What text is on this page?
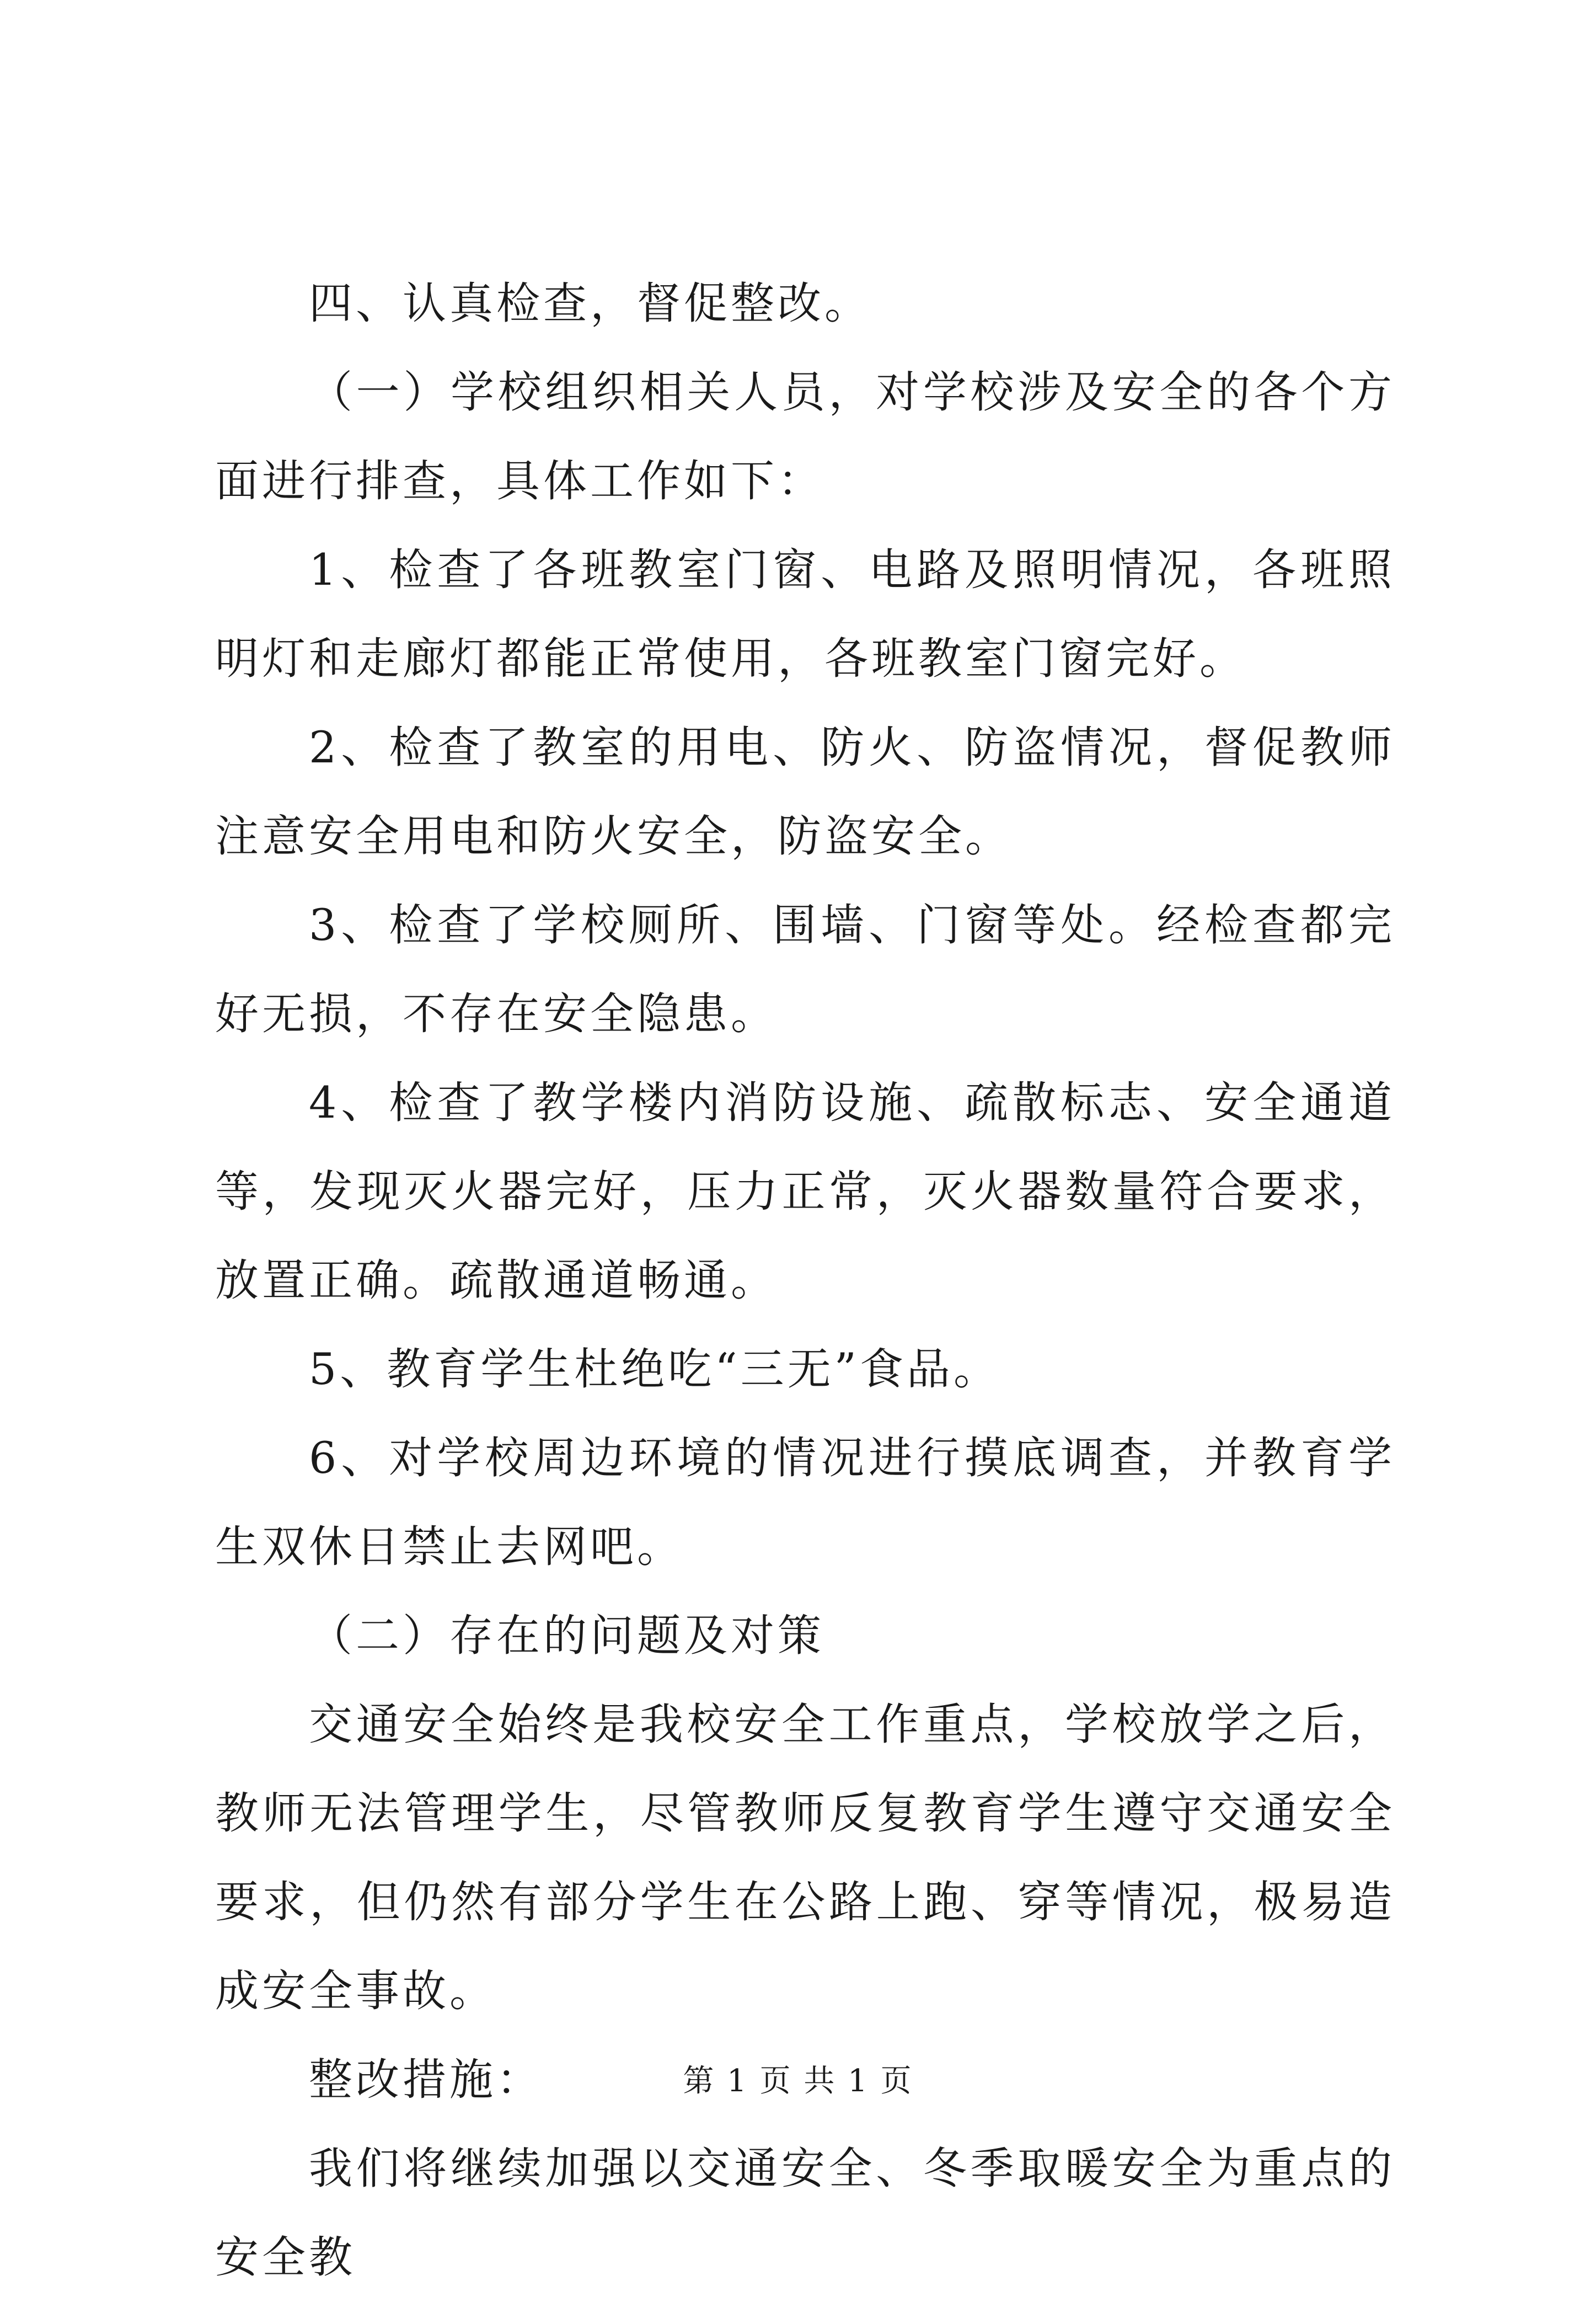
四、认真检查，督促整改。

（一）学校组织相关人员，对学校涉及安全的各个方面进行排查，具体工作如下：

1、检查了各班教室门窗、电路及照明情况，各班照明灯和走廊灯都能正常使用，各班教室门窗完好。

2、检查了教室的用电、防火、防盗情况，督促教师注意安全用电和防火安全，防盗安全。

3、检查了学校厕所、围墙、门窗等处。经检查都完好无损，不存在安全隐患。

4、检查了教学楼内消防设施、疏散标志、安全通道等，发现灭火器完好，压力正常，灭火器数量符合要求，放置正确。疏散通道畅通。

5、教育学生杜绝吃“三无”食品。

6、对学校周边环境的情况进行摸底调查，并教育学生双休日禁止去网吧。

（二）存在的问题及对策

交通安全始终是我校安全工作重点，学校放学之后，教师无法管理学生，尽管教师反复教育学生遵守交通安全要求，但仍然有部分学生在公路上跑、穿等情况，极易造成安全事故。

整改措施：

我们将继续加强以交通安全、冬季取暖安全为重点的安全教

第 1 页 共 1 页
